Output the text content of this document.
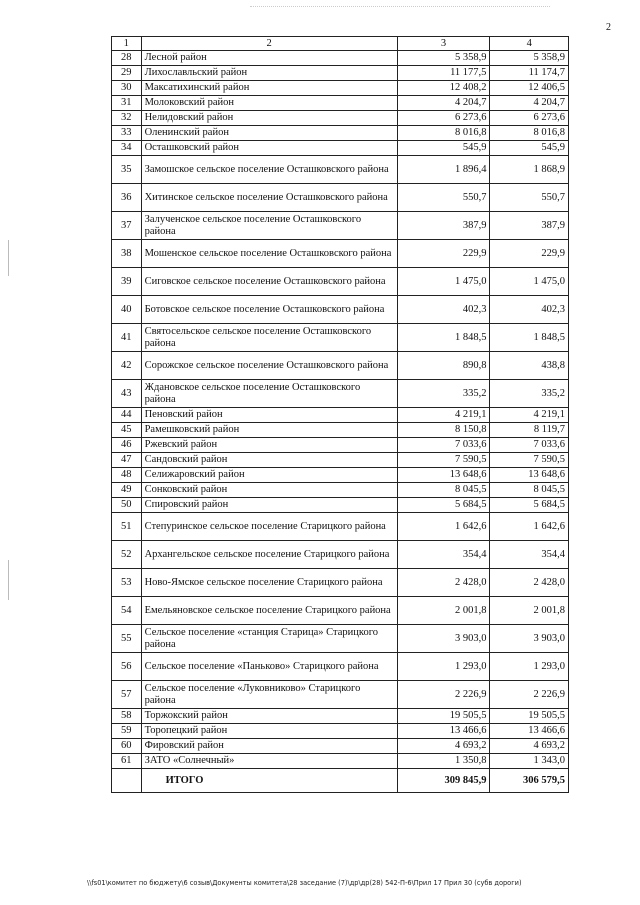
2
1	2	3	4
28	Лесной район	5 358,9	5 358,9
29	Лихославльский район	11 177,5	11 174,7
30	Максатихинский район	12 408,2	12 406,5
31	Молоковский район	4 204,7	4 204,7
32	Нелидовский район	6 273,6	6 273,6
33	Оленинский район	8 016,8	8 016,8
34	Осташковский район	545,9	545,9
35	Замошское сельское поселение Осташковского района	1 896,4	1 868,9
36	Хитинское сельское поселение Осташковского района	550,7	550,7
37	Залученское сельское поселение Осташковского района	387,9	387,9
38	Мошенское сельское поселение Осташковского района	229,9	229,9
39	Сиговское сельское поселение Осташковского района	1 475,0	1 475,0
40	Ботовское сельское поселение Осташковского района	402,3	402,3
41	Святосельское сельское поселение Осташковского района	1 848,5	1 848,5
42	Сорожское сельское поселение Осташковского района	890,8	438,8
43	Ждановское сельское поселение Осташковского района	335,2	335,2
44	Пеновский район	4 219,1	4 219,1
45	Рамешковский район	8 150,8	8 119,7
46	Ржевский район	7 033,6	7 033,6
47	Сандовский район	7 590,5	7 590,5
48	Селижаровский район	13 648,6	13 648,6
49	Сонковский район	8 045,5	8 045,5
50	Спировский район	5 684,5	5 684,5
51	Степуринское сельское поселение Старицкого района	1 642,6	1 642,6
52	Архангельское сельское поселение Старицкого района	354,4	354,4
53	Ново-Ямское сельское поселение Старицкого района	2 428,0	2 428,0
54	Емельяновское сельское поселение Старицкого района	2 001,8	2 001,8
55	Сельское поселение «станция Старица» Старицкого района	3 903,0	3 903,0
56	Сельское поселение «Паньково» Старицкого района	1 293,0	1 293,0
57	Сельское поселение «Луковниково» Старицкого района	2 226,9	2 226,9
58	Торжокский район	19 505,5	19 505,5
59	Торопецкий район	13 466,6	13 466,6
60	Фировский район	4 693,2	4 693,2
61	ЗАТО «Солнечный»	1 350,8	1 343,0
	ИТОГО	309 845,9	306 579,5
\\fs01\комитет по бюджету\6 созыв\Документы комитета\28 заседание (7)\др\др(28) 542-П-6\Прил 17 Прил 30 (субв дороги)
